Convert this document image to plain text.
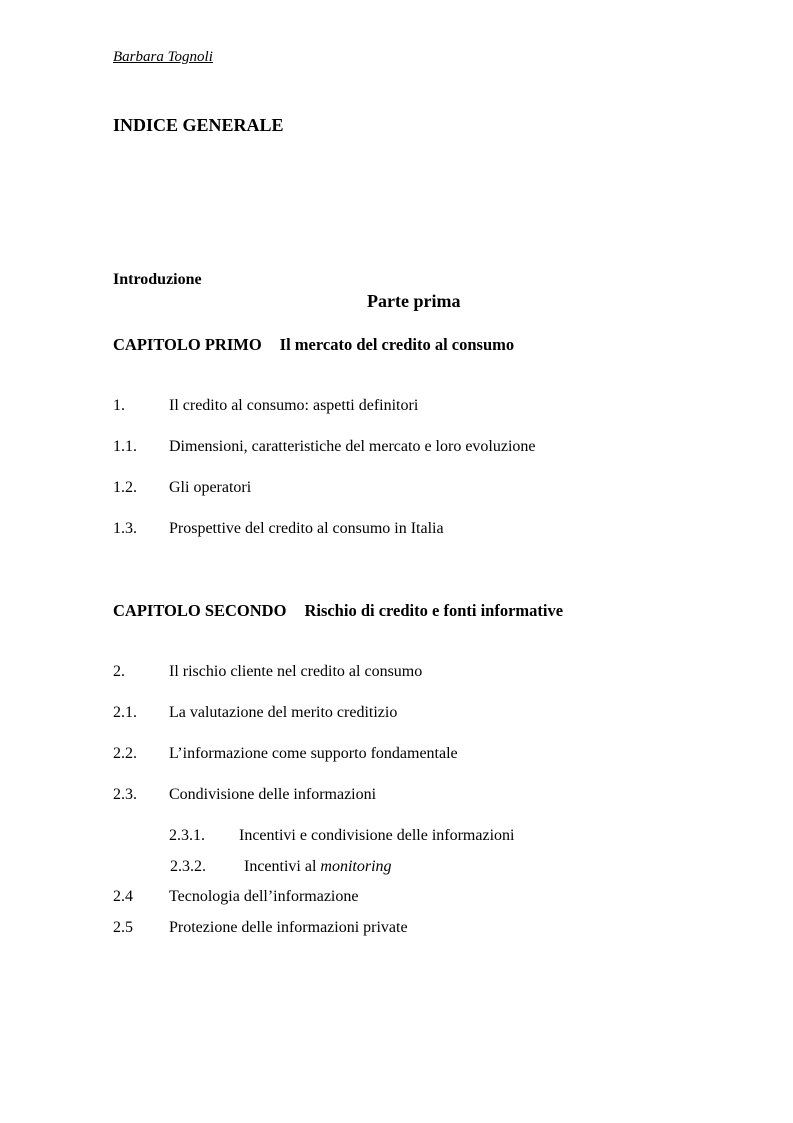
Barbara Tognoli
INDICE GENERALE
Introduzione
Parte prima
CAPITOLO PRIMO Il mercato del credito al consumo
1.	Il credito al consumo: aspetti definitori
1.1. Dimensioni, caratteristiche del mercato e loro evoluzione
1.2. Gli operatori
1.3. Prospettive del credito al consumo in Italia
CAPITOLO SECONDO Rischio di credito e fonti informative
2.	Il rischio cliente nel credito al consumo
2.1. La valutazione del merito creditizio
2.2. L’informazione come supporto fondamentale
2.3. Condivisione delle informazioni
2.3.1. Incentivi e condivisione delle informazioni
2.3.2. Incentivi al monitoring
2.4 Tecnologia dell’informazione
2.5 Protezione delle informazioni private
